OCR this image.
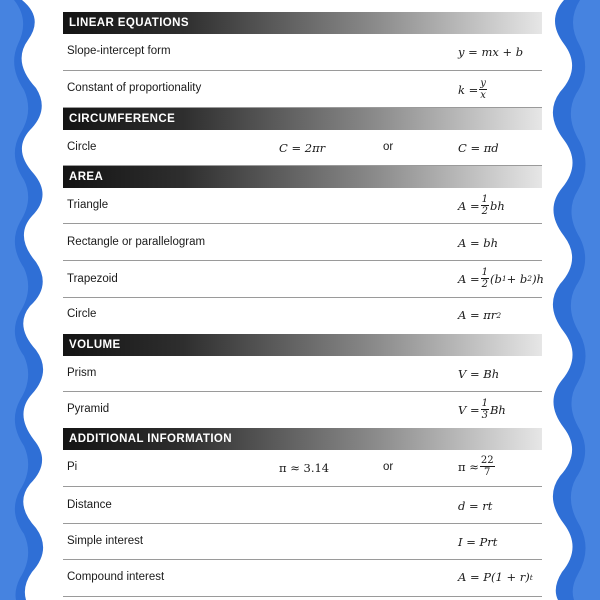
LINEAR EQUATIONS
Slope-intercept form	y = mx + b
Constant of proportionality	$k = \frac{y}{x}$
CIRCUMFERENCE
Circle	C = 2πr	or	C = πd
AREA
Triangle	$A = \frac{1}{2}$ bh
Rectangle or parallelogram	A = bh
Trapezoid	$A = \frac{1}{2} (b$ 1 + b 2 )h
Circle	A = πr 2
VOLUME
Prism	V = Bh
Pyramid	$V = \frac{1}{3}$ Bh
ADDITIONAL INFORMATION
Pi	π ≈ 3.14	or	$\pi \approx \frac{22}{7}$
Distance	d = rt
Simple interest	I = Prt
Compound interest	A = P(1 + r) t
